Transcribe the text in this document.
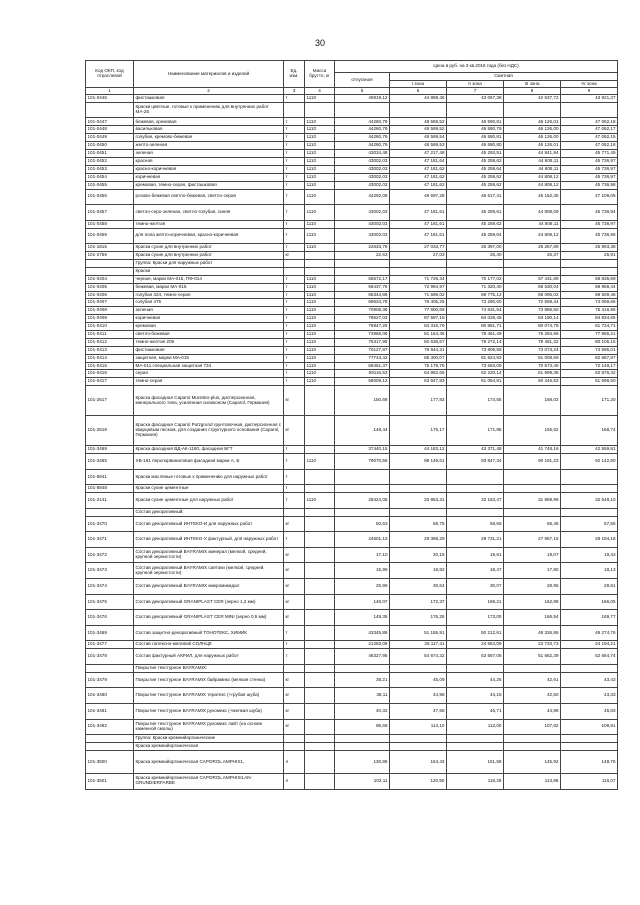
30
Код ОКП, код отраслевой	Наименование материалов и изделий	Ед. изм.	Масса брутто, кг	Цена в руб. на 3 кв.2016 года (без НДС)				
				отпускная	Сметная			
					I зона	II зона	III зона	IV зона
1	2	3	4	5	6	7	8	9
101-0446	фисташковая	т	1110	40919,12	44 898,46	43 067,38	42 637,72	43 921,37
	Краски цветные, готовые к применению для внутренних работ МА-25							
101-0447	бежевая, кремовая	т	1110	44260,79	48 569,52	46 590,81	46 126,01	47 062,18
101-0448	васильковая	т	1110	44260,79	48 569,52	46 590,79	46 126,00	47 062,17
101-0449	голубая, кремово-бежевая	т	1110	44260,79	48 569,54	46 590,81	46 126,00	47 062,15
101-0450	желто-зеленая	т	1110	44260,79	48 569,53	46 590,80	46 126,01	47 062,18
101-0451	зеленая	т	1110	43034,48	47 217,48	45 293,51	44 841,94	45 771,49
101-0452	красная	т	1110	43002,03	47 181,64	45 259,62	44 808,11	45 736,97
101-0453	красно-коричневая	т	1110	43002,03	47 181,62	45 259,64	44 808,11	45 736,97
101-0454	коричневая	т	1110	43002,03	47 181,62	45 259,62	44 808,12	45 736,97
101-0455	кремовая, темно-серая, фисташковая	т	1110	43002,03	47 181,62	45 259,62	44 808,12	45 736,98
101-0456	розово-бежевая светло-бежевая, светло-серая	т	1110	44292,09	48 597,28	46 617,41	46 152,35	47 109,05
101-0457	светло-серо-зеленая, светло-голубая, синяя	т	1110	43002,03	47 181,61	45 259,61	44 808,09	45 736,94
101-0458	темно-желтая	т	1110	43002,03	47 181,61	45 259,62	44 808,11	45 736,97
101-0459	для пола желто-коричневая, красно-коричневая	т	1110	43002,03	47 181,61	45 259,64	44 808,12	45 736,95
101-1615	Краски сухие для внутренних работ	т	1110	22633,79	27 033,77	25 397,00	25 267,89	25 993,38
101-2759	Краски сухие для внутренних работ	кг		22,63	27,03	26,40	25,37	25,91
	Группа: Краски для наружных работ							
	Краски							
101-0404	черная, марки МА-015, ПФ-014	т	1110	65572,17	71 726,34	70 177,02	67 431,89	68 835,69
101-0405	бежевая, марки МА-015	т	1110	66437,76	72 994,97	71 320,40	68 530,04	69 958,44
101-0406	голубая 424, темно-серая	т	1110	65344,86	71 696,02	69 775,12	68 096,02	69 509,46
101-0407	голубая 475	т	1110	69634,78	76 405,26	73 290,60	72 559,44	74 069,66
101-0408	зеленая	т	1110	70908,36	77 600,68	74 631,54	73 886,50	75 416,95
101-0409	коричневая	т	1110	79627,03	87 597,18	84 028,45	83 190,14	84 934,65
101-0410	кремовая	т	1110	76847,25	84 316,79	80 881,71	80 074,78	81 734,71
101-0411	светло-бежевая	т	1110	73966,06	81 154,46	78 461,49	76 294,96	77 865,21
101-0412	темно-желтая 209	т	1110	75317,95	82 638,67	79 272,14	78 481,32	80 105,15
101-0413	фисташковая	т	1110	70127,87	76 944,31	73 809,58	73 073,24	74 585,01
101-0414	защитная, марки МА-015	т	1110	77743,42	85 300,07	81 824,93	81 008,59	82 687,87
101-0415	МА-011 специальная защитная 734	т	1110	68451,37	75 178,75	73 583,09	70 673,49	72 149,17
101-0416	серая	т	1110	59116,53	64 862,65	62 220,14	61 599,38	62 876,32
101-0417	темно-серая	т	1110	58009,12	63 647,83	61 054,81	60 445,52	61 698,50
101-2617	Краска фасадная Caparol Muresko-plus, дисперсионная, минерального типа, усиленная силиконом (Caparol, Германия)	кг		150,69	177,83	174,55	168,02	171,20
101-2618	Краска фасадная Caparol Putzgrund грунтовочная, дисперсионная с кварцевым песком, для создания структурного основания (Caparol, Германия)	кг		148,44	175,17	171,96	165,52	168,74
101-3469	Краска фасадная ВД-АК-1180, фасадная БГТ	т		37440,15	44 183,12	43 371,48	41 748,16	42 559,81
101-3465	ХВ-161 перхлорвиниловая фасадная марки А, Б	т	1110	79070,56	98 149,61	93 847,34	90 191,23	92 142,80
101-8841	Краски масляные готовые к применению для наружных работ	т						
101-8848	Краски сухие цементные	т						
101-2141	Краски сухие цементные для наружных работ	т	1110	28424,05	33 953,31	33 153,47	31 869,96	32 548,10
	Состав декоративный:							
101-3470	Состав декоративный ИНТЕКО-И для наружных работ	кг		50,63	59,75	58,65	56,46	57,55
101-3471	Состав декоративный ИНТЕКО-У фактурный, для наружных работ	т		24601,13	29 368,29	28 731,21	27 657,15	28 194,18
101-3472	Состав декоративный BAYRAMIX минерал (мелкой, средней, крупной зернистости)	кг		17,10	20,18	19,81	19,07	19,43
101-3473	Состав декоративный BAYRAMIX саятоки (мелкой, средней, крупной зернистости)	кг		15,95	18,82	18,47	17,80	18,13
101-3474	Состав декоративный BAYRAMIX микромикидал	кг		25,96	30,64	30,07	28,95	29,51
101-3475	Состав декоративный GRANIPLAST CER (зерно 1,2 мм)	кг		146,07	172,37	169,21	162,89	166,05
101-3476	Состав декоративный GRANIPLAST CER MINI (зерно 0,5 мм)	кг		149,35	176,25	173,00	166,54	169,77
101-3469	Состав защитно-декоративный ТОНОТЕКС, ХИМИК	т		43345,89	51 155,91	50 212,61	48 336,95	49 274,76
101-3477	Состав латексно-меловой СОЛНЦЕ	т		21283,09	25 117,41	24 654,09	23 733,73	24 194,21
101-3478	Состав фактурный АКРИЛ, для наружных работ	т		46327,95	54 674,32	53 667,08	51 662,39	52 664,74
	Покрытие текстурное BAYRAMIX:							
101-3479	Покрытие текстурное BAYRAMIX байрамикс (мелкая стенка)	кг		38,21	45,09	44,26	42,61	43,43
101-3480	Покрытие текстурное BAYRAMIX тератекс (+грубая шуба)	кг		38,11	44,98	44,15	42,50	43,33
101-3481	Покрытие текстурное BAYRAMIX рухомикс (+мелкая шуба)	кг		40,32	47,58	46,71	44,96	45,83
101-3482	Покрытие текстурное BAYRAMIX рухомикс лайт (на основе каменной смолы)	кг		96,68	114,10	112,00	107,82	109,91
	Группа: Краски кремнийорганические							
	Краска кремнийорганическая							
101-3500	Краска кремнийорганическая CAPOROL AMPHIS1,	л		130,86	154,43	151,59	145,92	148,75
101-3501	Краска кремнийорганическая CAPOROL AMPHISILAN-GRUNDIERFARBE	л		102,11	120,50	118,28	113,86	116,07
